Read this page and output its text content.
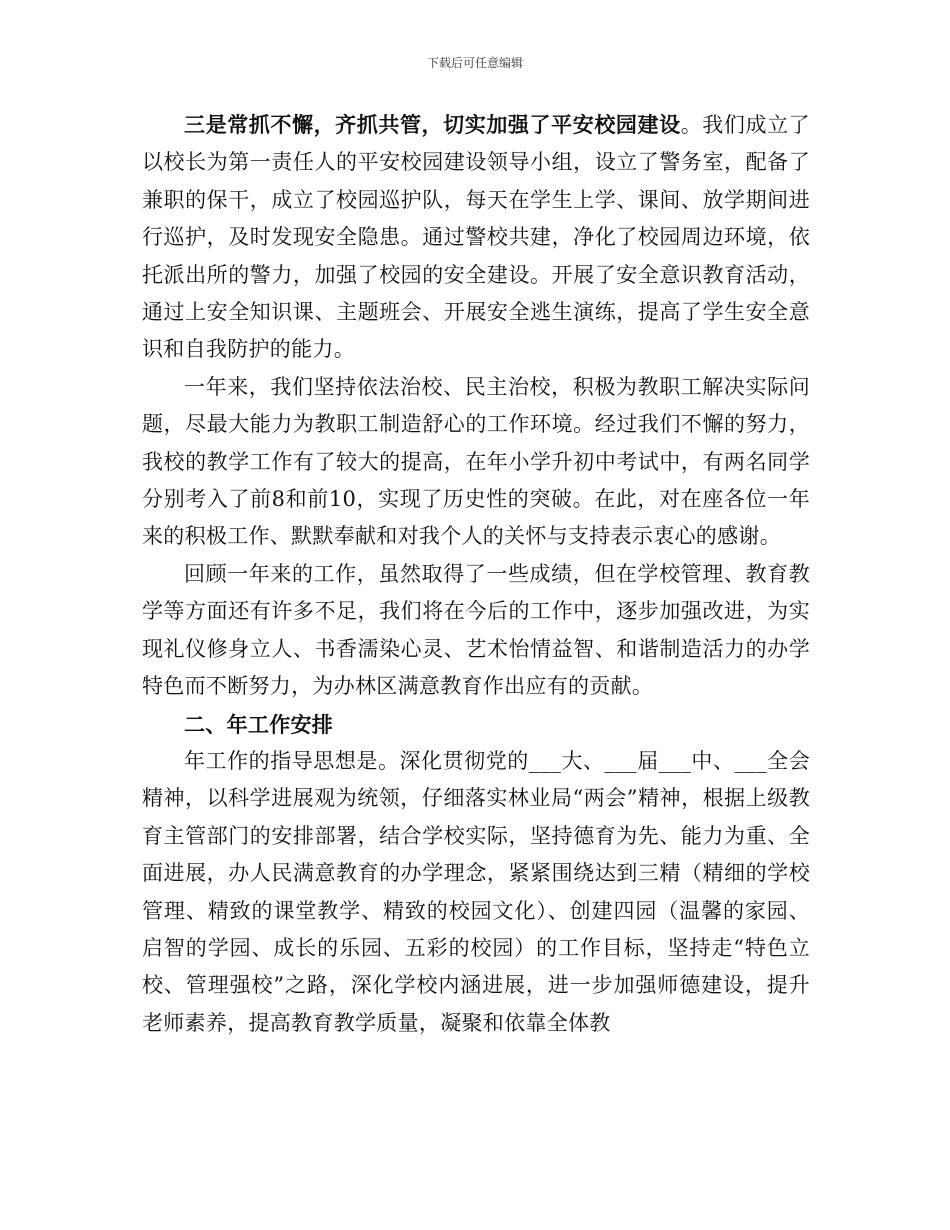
下载后可任意编辑

三是常抓不懈，齐抓共管，切实加强了平安校园建设。我们成立了以校长为第一责任人的平安校园建设领导小组，设立了警务室，配备了兼职的保干，成立了校园巡护队，每天在学生上学、课间、放学期间进行巡护，及时发现安全隐患。通过警校共建，净化了校园周边环境，依托派出所的警力，加强了校园的安全建设。开展了安全意识教育活动，通过上安全知识课、主题班会、开展安全逃生演练，提高了学生安全意识和自我防护的能力。

一年来，我们坚持依法治校、民主治校，积极为教职工解决实际问题，尽最大能力为教职工制造舒心的工作环境。经过我们不懈的努力，我校的教学工作有了较大的提高，在年小学升初中考试中，有两名同学分别考入了前8和前10，实现了历史性的突破。在此，对在座各位一年来的积极工作、默默奉献和对我个人的关怀与支持表示衷心的感谢。

回顾一年来的工作，虽然取得了一些成绩，但在学校管理、教育教学等方面还有许多不足，我们将在今后的工作中，逐步加强改进，为实现礼仪修身立人、书香濡染心灵、艺术怡情益智、和谐制造活力的办学特色而不断努力，为办林区满意教育作出应有的贡献。

二、年工作安排

年工作的指导思想是。深化贯彻党的___大、___届___中、___全会精神，以科学进展观为统领，仔细落实林业局“两会”精神，根据上级教育主管部门的安排部署，结合学校实际，坚持德育为先、能力为重、全面进展，办人民满意教育的办学理念，紧紧围绕达到三精（精细的学校管理、精致的课堂教学、精致的校园文化）、创建四园（温馨的家园、启智的学园、成长的乐园、五彩的校园）的工作目标，坚持走“特色立校、管理强校”之路，深化学校内涵进展，进一步加强师德建设，提升老师素养，提高教育教学质量，凝聚和依靠全体教
